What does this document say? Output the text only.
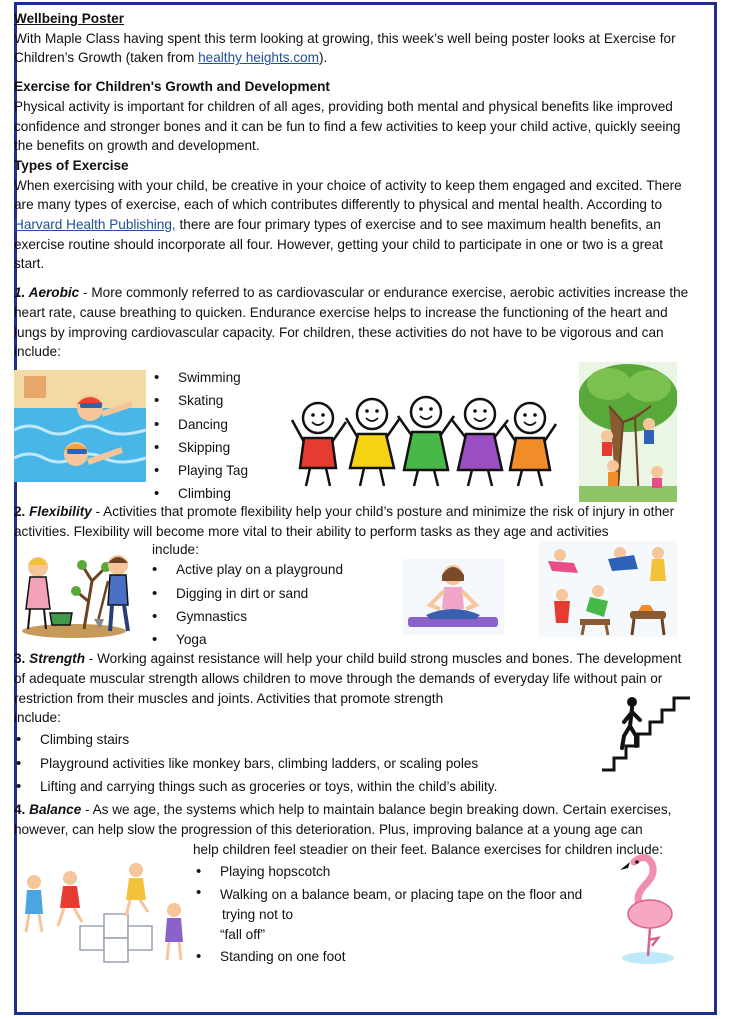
Wellbeing Poster

With Maple Class having spent this term looking at growing, this week’s well being poster looks at Exercise for Children’s Growth (taken from healthy heights.com).

Exercise for Children's Growth and Development

Physical activity is important for children of all ages, providing both mental and physical benefits like improved confidence and stronger bones and it can be fun to find a few activities to keep your child active, quickly seeing the benefits on growth and development.

Types of Exercise

When exercising with your child, be creative in your choice of activity to keep them engaged and excited. There are many types of exercise, each of which contributes differently to physical and mental health. According to Harvard Health Publishing, there are four primary types of exercise and to see maximum health benefits, an exercise routine should incorporate all four. However, getting your child to participate in one or two is a great start.

1. Aerobic - More commonly referred to as cardiovascular or endurance exercise, aerobic activities increase the heart rate, cause breathing to quicken. Endurance exercise helps to increase the functioning of the heart and lungs by improving cardiovascular capacity. For children, these activities do not have to be vigorous and can include:

• Swimming
• Skating
• Dancing
• Skipping
• Playing Tag
• Climbing

2. Flexibility - Activities that promote flexibility help your child’s posture and minimize the risk of injury in other activities. Flexibility will become more vital to their ability to perform tasks as they age and activities

include:

• Active play on a playground
• Digging in dirt or sand
• Gymnastics
• Yoga

3. Strength - Working against resistance will help your child build strong muscles and bones. The development of adequate muscular strength allows children to move through the demands of everyday life without pain or restriction from their muscles and joints. Activities that promote strength

include:

• Climbing stairs
• Playground activities like monkey bars, climbing ladders, or scaling poles
• Lifting and carrying things such as groceries or toys, within the child’s ability.

4. Balance - As we age, the systems which help to maintain balance begin breaking down. Certain exercises, however, can help slow the progression of this deterioration. Plus, improving balance at a young age can

help children feel steadier on their feet. Balance exercises for children include:

• Playing hopscotch
• Walking on a balance beam, or placing tape on the floor and
trying not to
“fall off”
• Standing on one foot
